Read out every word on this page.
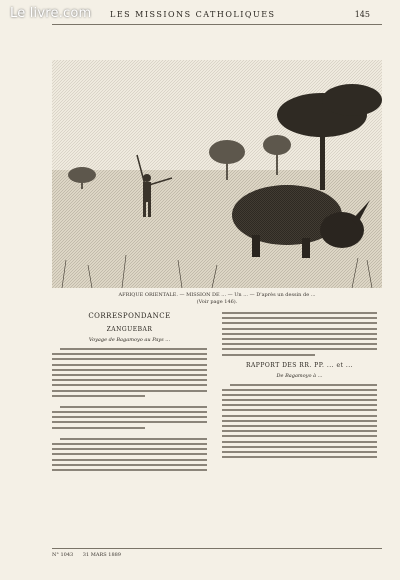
Le livre.com LES MISSIONS CATHOLIQUES	145
AFRIQUE ORIENTALE. — MISSION DE ... — Un ... — D'après un dessin de ...
(Voir page 146).
CORRESPONDANCE
ZANGUEBAR
Voyage de Bagamoyo au Pays ...
RAPPORT DES RR. PP. ... et ...
De Bagamoyo à ...
N° 1043 31 MARS 1889
